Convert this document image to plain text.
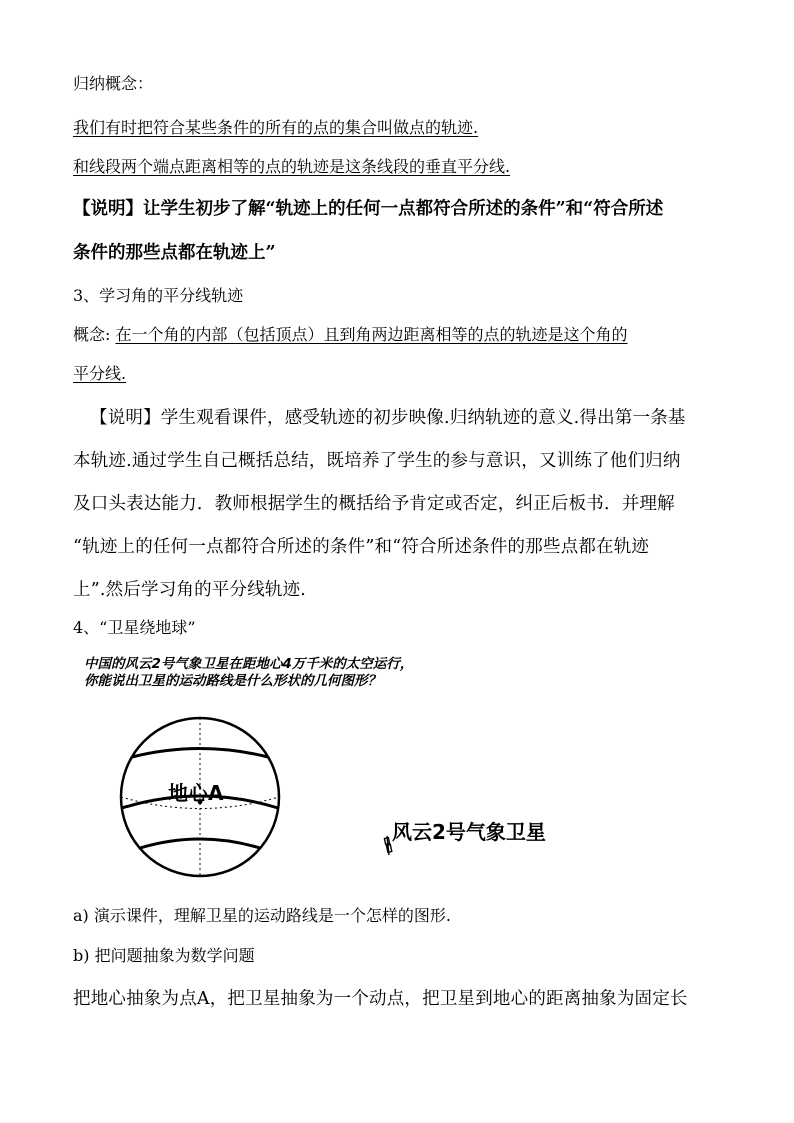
归纳概念：
我们有时把符合某些条件的所有的点的集合叫做点的轨迹.
和线段两个端点距离相等的点的轨迹是这条线段的垂直平分线.
【说明】让学生初步了解“轨迹上的任何一点都符合所述的条件”和“符合所述
条件的那些点都在轨迹上”
3、学习角的平分线轨迹
概念: 在一个角的内部（包括顶点）且到角两边距离相等的点的轨迹是这个角的
平分线.
【说明】学生观看课件，感受轨迹的初步映像.归纳轨迹的意义.得出第一条基
本轨迹.通过学生自己概括总结，既培养了学生的参与意识，又训练了他们归纳
及口头表达能力．教师根据学生的概括给予肯定或否定，纠正后板书．并理解
“轨迹上的任何一点都符合所述的条件”和“符合所述条件的那些点都在轨迹
上”.然后学习角的平分线轨迹.
4、“卫星绕地球”
中国的风云2号气象卫星在距地心4万千米的太空运行，
你能说出卫星的运动路线是什么形状的几何图形？
地心A
风云2号气象卫星
a) 演示课件，理解卫星的运动路线是一个怎样的图形.
b) 把问题抽象为数学问题
把地心抽象为点A，把卫星抽象为一个动点，把卫星到地心的距离抽象为固定长
